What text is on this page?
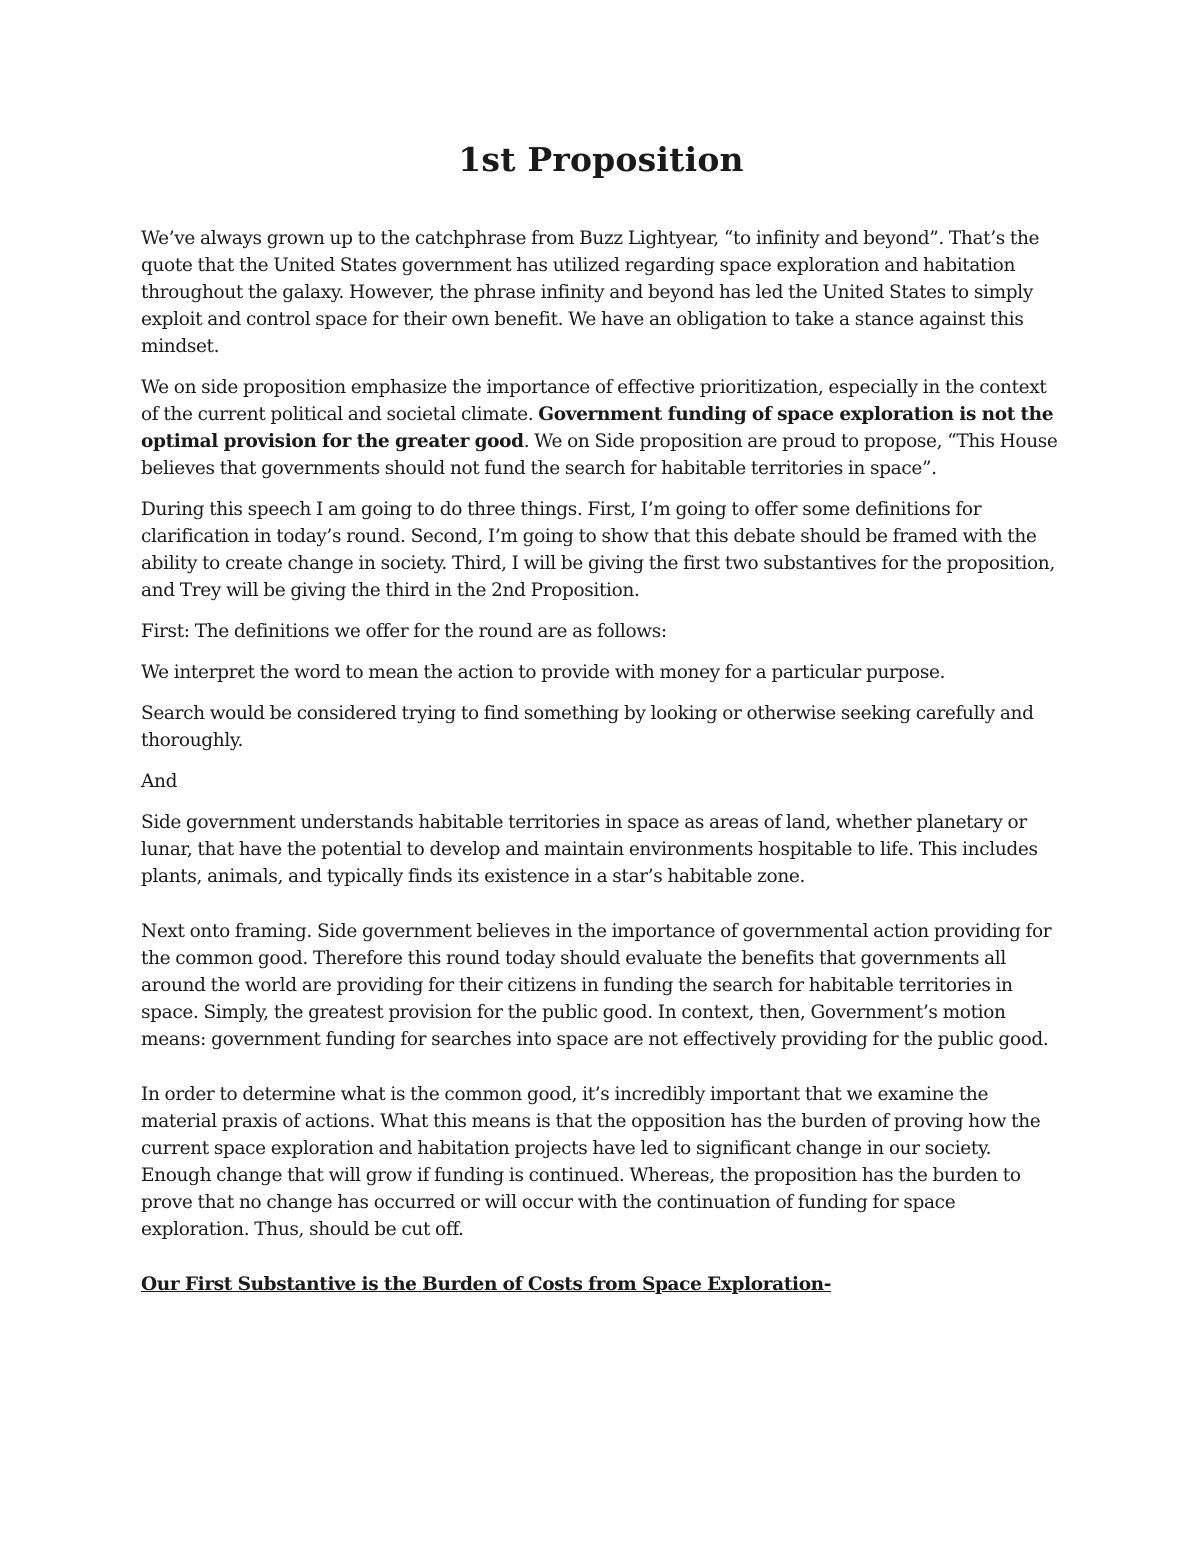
1st Proposition

We’ve always grown up to the catchphrase from Buzz Lightyear, “to infinity and beyond”. That’s the quote that the United States government has utilized regarding space exploration and habitation throughout the galaxy. However, the phrase infinity and beyond has led the United States to simply exploit and control space for their own benefit. We have an obligation to take a stance against this mindset.

We on side proposition emphasize the importance of effective prioritization, especially in the context of the current political and societal climate. Government funding of space exploration is not the optimal provision for the greater good. We on Side proposition are proud to propose, “This House believes that governments should not fund the search for habitable territories in space”.

During this speech I am going to do three things. First, I’m going to offer some definitions for clarification in today’s round. Second, I’m going to show that this debate should be framed with the ability to create change in society. Third, I will be giving the first two substantives for the proposition, and Trey will be giving the third in the 2nd Proposition.

First: The definitions we offer for the round are as follows:

We interpret the word to mean the action to provide with money for a particular purpose.

Search would be considered trying to find something by looking or otherwise seeking carefully and thoroughly.

And

Side government understands habitable territories in space as areas of land, whether planetary or lunar, that have the potential to develop and maintain environments hospitable to life. This includes plants, animals, and typically finds its existence in a star’s habitable zone.

Next onto framing. Side government believes in the importance of governmental action providing for the common good. Therefore this round today should evaluate the benefits that governments all around the world are providing for their citizens in funding the search for habitable territories in space. Simply, the greatest provision for the public good. In context, then, Government’s motion means: government funding for searches into space are not effectively providing for the public good.

In order to determine what is the common good, it’s incredibly important that we examine the material praxis of actions. What this means is that the opposition has the burden of proving how the current space exploration and habitation projects have led to significant change in our society. Enough change that will grow if funding is continued. Whereas, the proposition has the burden to prove that no change has occurred or will occur with the continuation of funding for space exploration. Thus, should be cut off.

Our First Substantive is the Burden of Costs from Space Exploration-
